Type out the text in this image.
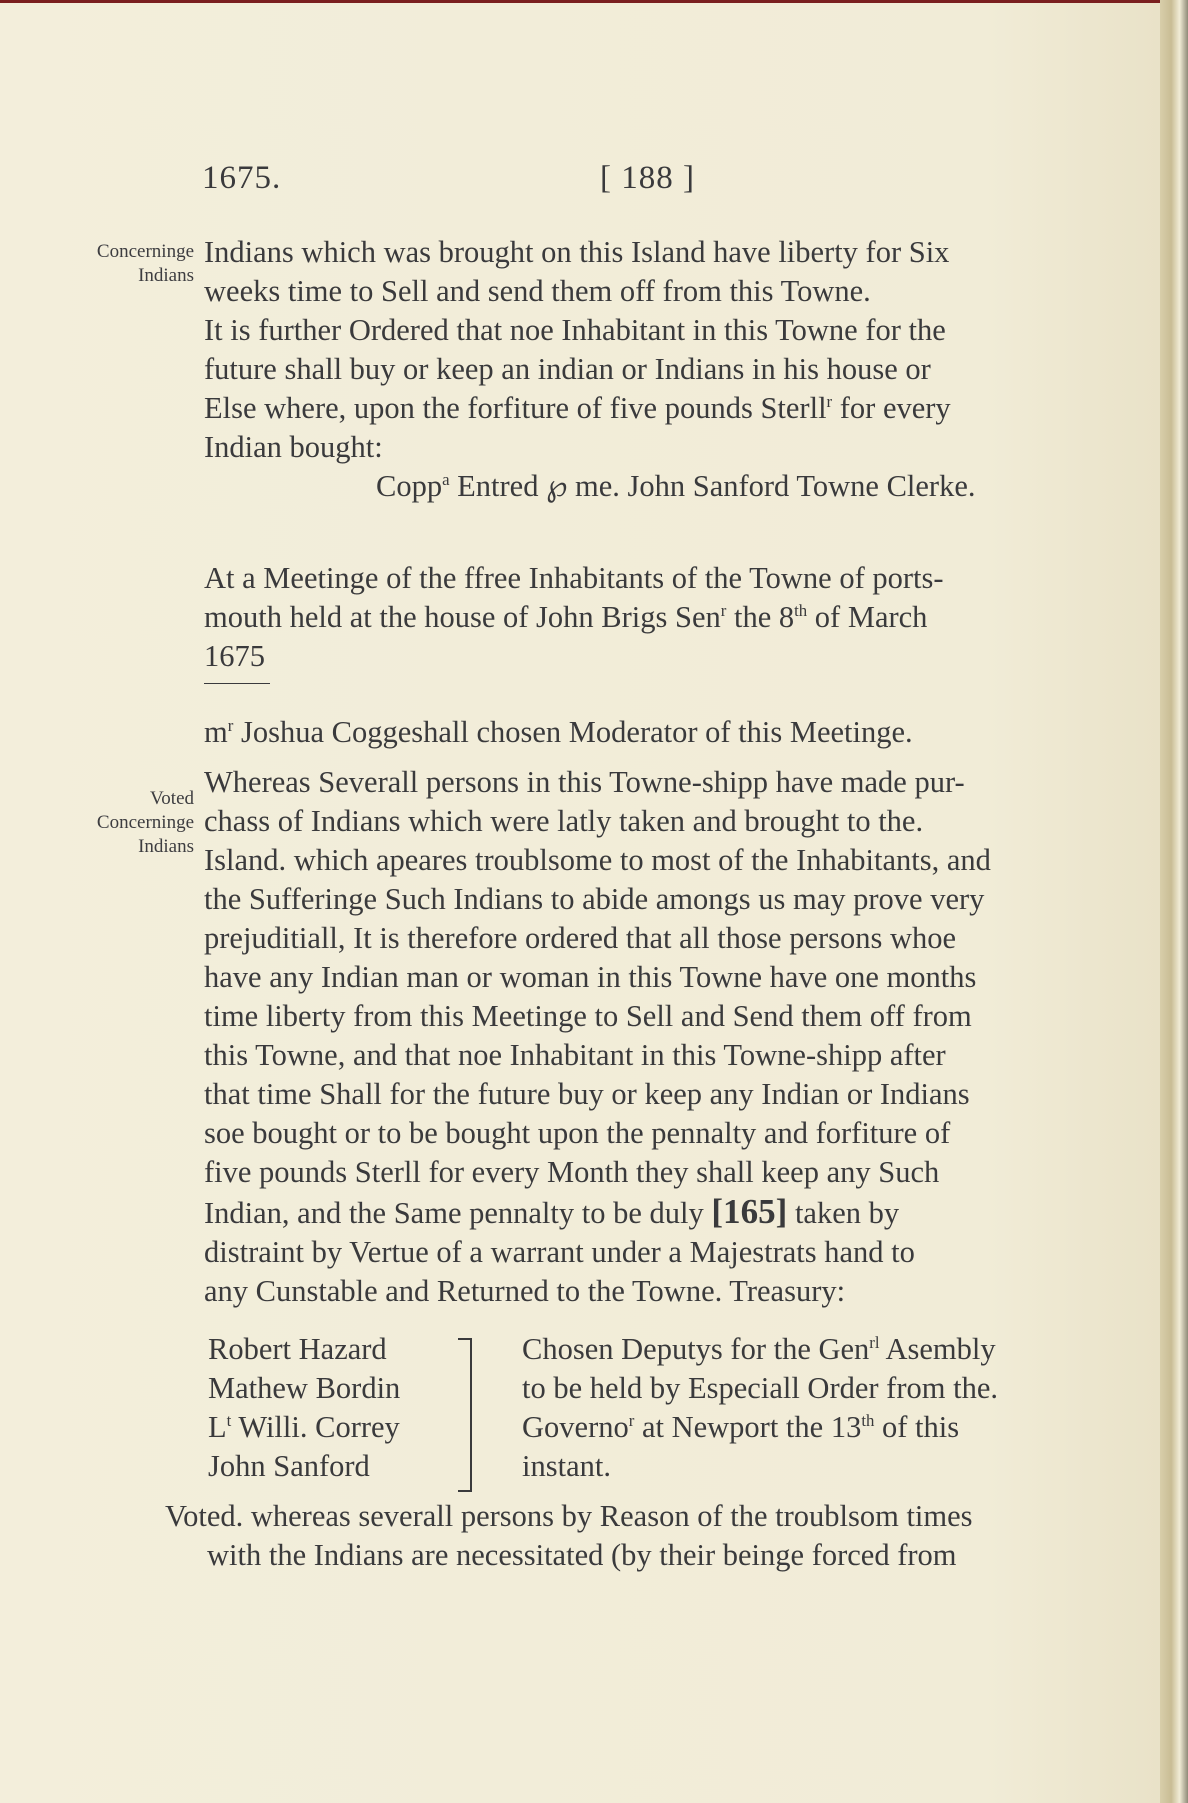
1675.	[ 188 ]
Concerninge
Indians
Voted
Concerninge
Indians
Indians which was brought on this Island have liberty for Six
weeks time to Sell and send them off from this Towne.
It is further Ordered that noe Inhabitant in this Towne for the
future shall buy or keep an indian or Indians in his house or
Else where, upon the forfiture of five pounds Sterll$^r$ for every
Indian bought:
Copp$^a$ Entred ℘ me. John Sanford Towne Clerke.
At a Meetinge of the ffree Inhabitants of the Towne of ports-
mouth held at the house of John Brigs Sen$^r$ the 8th of March
1675
$m^r$ Joshua Coggeshall chosen Moderator of this Meetinge.
Whereas Severall persons in this Towne-shipp have made pur-
chass of Indians which were latly taken and brought to the.
Island. which apeares troublsome to most of the Inhabitants, and
the Sufferinge Such Indians to abide amongs us may prove very
prejuditiall, It is therefore ordered that all those persons whoe
have any Indian man or woman in this Towne have one months
time liberty from this Meetinge to Sell and Send them off from
this Towne, and that noe Inhabitant in this Towne-shipp after
that time Shall for the future buy or keep any Indian or Indians
soe bought or to be bought upon the pennalty and forfiture of
five pounds Sterll for every Month they shall keep any Such
Indian, and the Same pennalty to be duly [165] taken by
distraint by Vertue of a warrant under a Majestrats hand to
any Cunstable and Returned to the Towne. Treasury:
Robert Hazard
Mathew Bordin
$L^t$ Willi. Correy
John Sanford
Chosen Deputys for the Gen$^{rl}$ Asembly
to be held by Especiall Order from the.
Governo$^r$ at Newport the 13th of this
instant.
Voted. whereas severall persons by Reason of the troublsom times
with the Indians are necessitated (by their beinge forced from
